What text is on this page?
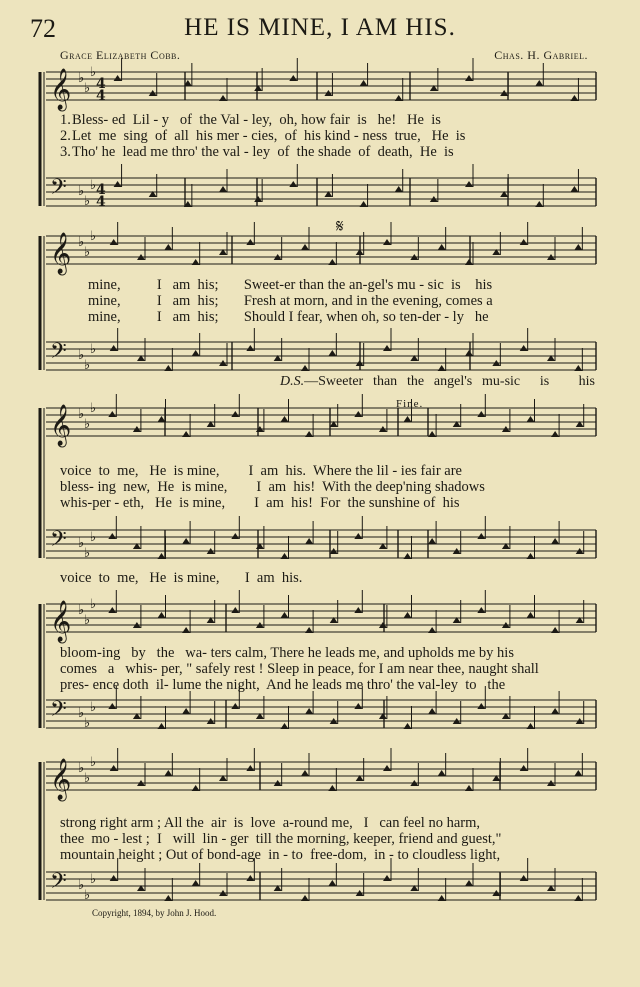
72	HE IS MINE, I AM HIS.
Grace Elizabeth Cobb.	Chas. H. Gabriel.
𝄞 ♭
♭
♭
𝄢 ♭
♭
♭
𝄞 ♭
♭
♭
𝄢 ♭
♭
♭
𝄞 ♭
♭
♭
𝄢 ♭
♭
♭
𝄞 ♭
♭
♭
𝄢 ♭
♭
♭
𝄞 ♭
♭
♭
𝄢 ♭
♭
♭
𝄋
4
4
4
4
1. Bless- ed  Lil - y   of  the Val - ley,  oh, how fair  is   he!   He  is
2. Let  me  sing  of  all  his mer - cies,  of  his kind - ness  true,   He  is
3. Tho' he  lead me thro' the val - ley  of  the shade  of  death,  He  is
mine,          I   am  his;       Sweet-er than the an-gel's mu - sic  is    his
mine,          I   am  his;       Fresh at morn, and in the evening, comes a
mine,          I   am  his;       Should I fear, when oh, so ten-der - ly   he
D.S.—Sweeter than the angel's mu-sic  is   his
Fine.
voice  to  me,   He  is mine,        I  am  his.  Where the lil - ies fair are
bless- ing  new,  He  is mine,        I  am  his!  With the deep'ning shadows
whis-per - eth,   He  is mine,        I  am  his!  For  the sunshine of  his
voice  to  me,   He  is mine,       I  am  his.
bloom-ing   by   the   wa- ters calm, There he leads me, and upholds me by his
comes   a   whis- per, " safely rest ! Sleep in peace, for I am near thee, naught shall
pres- ence doth  il- lume the night,  And he leads me thro' the val-ley  to   the
strong right arm ; All the  air  is  love  a-round me,   I   can feel no harm,
thee  mo - lest ;  I   will  lin - ger  till the morning, keeper, friend and guest,"
mountain height ; Out of bond-age  in - to  free-dom,  in - to cloudless light,
Copyright, 1894, by John J. Hood.
